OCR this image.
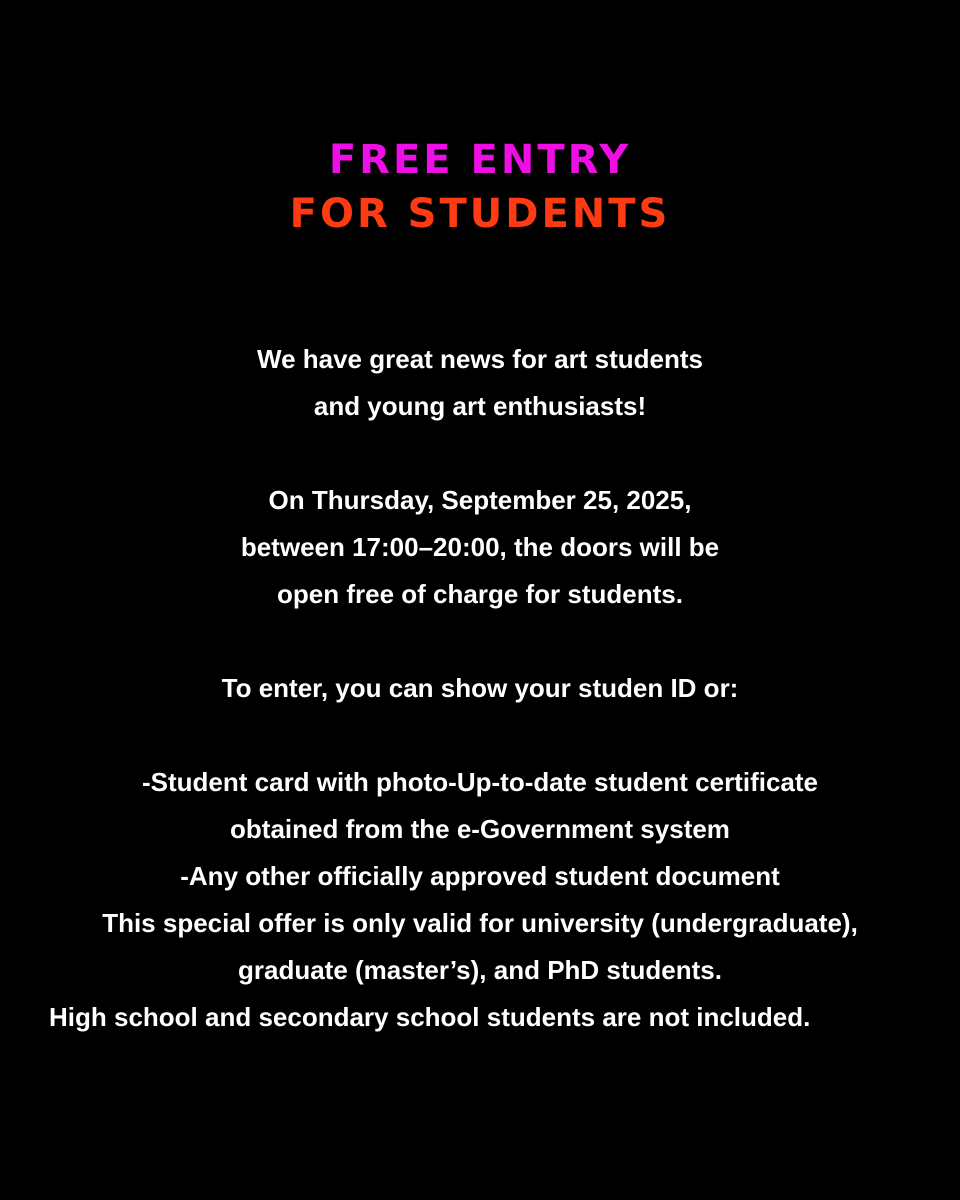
FREE ENTRY
FOR STUDENTS
We have great news for art students
and young art enthusiasts!
On Thursday, September 25, 2025,
between 17:00–20:00, the doors will be
open free of charge for students.
To enter, you can show your studen ID or:
-Student card with photo-Up-to-date student certificate
obtained from the e-Government system
-Any other officially approved student document
This special offer is only valid for university (undergraduate),
graduate (master’s), and PhD students.
High school and secondary school students are not included.
